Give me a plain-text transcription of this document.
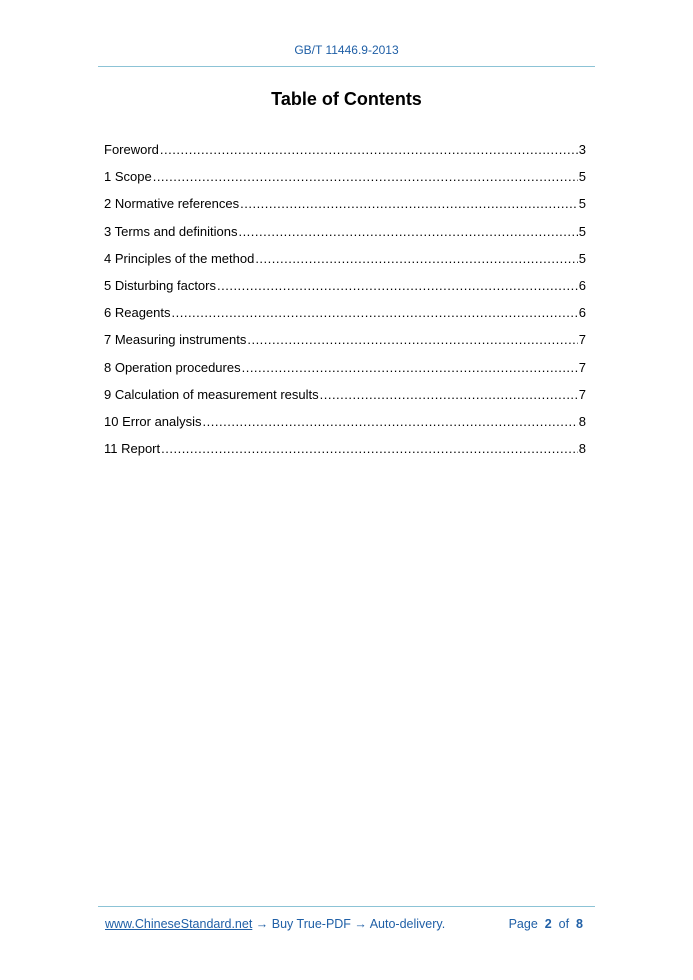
GB/T 11446.9-2013
Table of Contents
Foreword .....	3
1 Scope .....	5
2 Normative references .....	5
3 Terms and definitions .....	5
4 Principles of the method .....	5
5 Disturbing factors .....	6
6 Reagents .....	6
7 Measuring instruments .....	7
8 Operation procedures .....	7
9 Calculation of measurement results .....	7
10 Error analysis .....	8
11 Report .....	8
www.ChineseStandard.net → Buy True-PDF → Auto-delivery.	Page 2 of 8
